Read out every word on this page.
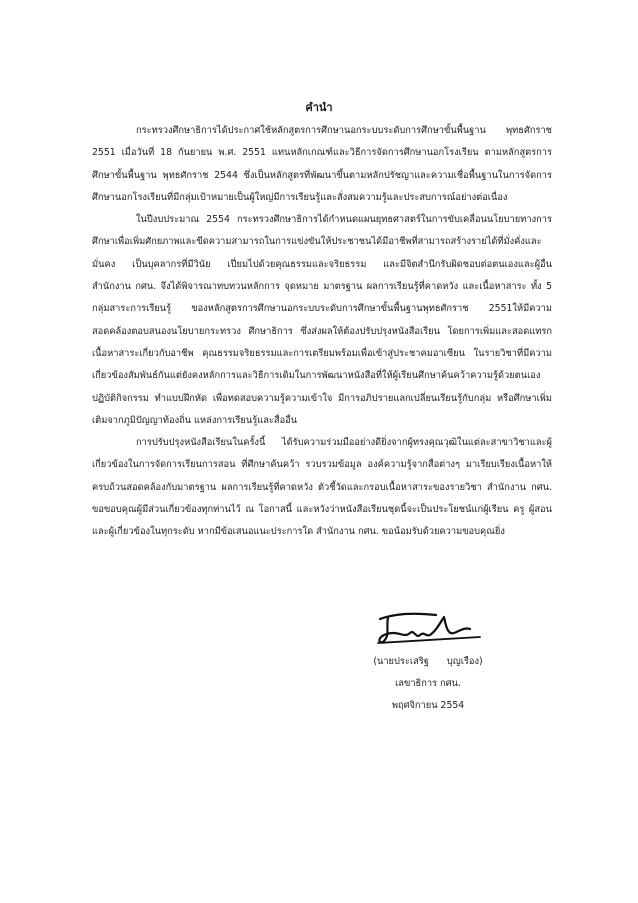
คำนำ

กระทรวงศึกษาธิการได้ประกาศใช้หลักสูตรการศึกษานอกระบบระดับการศึกษาขั้นพื้นฐาน พุทธศักราช 2551 เมื่อวันที่ 18 กันยายน พ.ศ. 2551 แทนหลักเกณฑ์และวิธีการจัดการศึกษานอกโรงเรียน ตามหลักสูตรการศึกษาขั้นพื้นฐาน พุทธศักราช 2544 ซึ่งเป็นหลักสูตรที่พัฒนาขึ้นตามหลักปรัชญาและความเชื่อพื้นฐานในการจัดการศึกษานอกโรงเรียนที่มีกลุ่มเป้าหมายเป็นผู้ใหญ่มีการเรียนรู้และสั่งสมความรู้และประสบการณ์อย่างต่อเนื่อง

ในปีงบประมาณ 2554 กระทรวงศึกษาธิการได้กำหนดแผนยุทธศาสตร์ในการขับเคลื่อนนโยบายทางการศึกษาเพื่อเพิ่มศักยภาพและขีดความสามารถในการแข่งขันให้ประชาชนได้มีอาชีพที่สามารถสร้างรายได้ที่มั่งคั่งและมั่นคง เป็นบุคลากรที่มีวินัย เปี่ยมไปด้วยคุณธรรมและจริยธรรม และมีจิตสำนึกรับผิดชอบต่อตนเองและผู้อื่น สำนักงาน กศน. จึงได้พิจารณาทบทวนหลักการ จุดหมาย มาตรฐาน ผลการเรียนรู้ที่คาดหวัง และเนื้อหาสาระ ทั้ง 5 กลุ่มสาระการเรียนรู้ ของหลักสูตรการศึกษานอกระบบระดับการศึกษาขั้นพื้นฐานพุทธศักราช 2551ให้มีความสอดคล้องตอบสนองนโยบายกระทรวง ศึกษาธิการ ซึ่งส่งผลให้ต้องปรับปรุงหนังสือเรียน โดยการเพิ่มและสอดแทรกเนื้อหาสาระเกี่ยวกับอาชีพ คุณธรรมจริยธรรมและการเตรียมพร้อมเพื่อเข้าสู่ประชาคมอาเซียน ในรายวิชาที่มีความเกี่ยวข้องสัมพันธ์กันแต่ยังคงหลักการและวิธีการเดิมในการพัฒนาหนังสือที่ให้ผู้เรียนศึกษาค้นคว้าความรู้ด้วยตนเอง ปฏิบัติกิจกรรม ทำแบบฝึกหัด เพื่อทดสอบความรู้ความเข้าใจ มีการอภิปรายแลกเปลี่ยนเรียนรู้กับกลุ่ม หรือศึกษาเพิ่มเติมจากภูมิปัญญาท้องถิ่น แหล่งการเรียนรู้และสื่ออื่น

การปรับปรุงหนังสือเรียนในครั้งนี้ ได้รับความร่วมมืออย่างดียิ่งจากผู้ทรงคุณวุฒิในแต่ละสาขาวิชาและผู้เกี่ยวข้องในการจัดการเรียนการสอน ที่ศึกษาค้นคว้า รวบรวมข้อมูล องค์ความรู้จากสื่อต่างๆ มาเรียบเรียงเนื้อหาให้ครบถ้วนสอดคล้องกับมาตรฐาน ผลการเรียนรู้ที่คาดหวัง ตัวชี้วัดและกรอบเนื้อหาสาระของรายวิชา สำนักงาน กศน. ขอขอบคุณผู้มีส่วนเกี่ยวข้องทุกท่านไว้ ณ โอกาสนี้ และหวังว่าหนังสือเรียนชุดนี้จะเป็นประโยชน์แก่ผู้เรียน ครู ผู้สอน และผู้เกี่ยวข้องในทุกระดับ หากมีข้อเสนอแนะประการใด สำนักงาน กศน. ขอน้อมรับด้วยความขอบคุณยิ่ง

(นายประเสริฐ บุญเรือง)
เลขาธิการ กศน.
พฤศจิกายน 2554
